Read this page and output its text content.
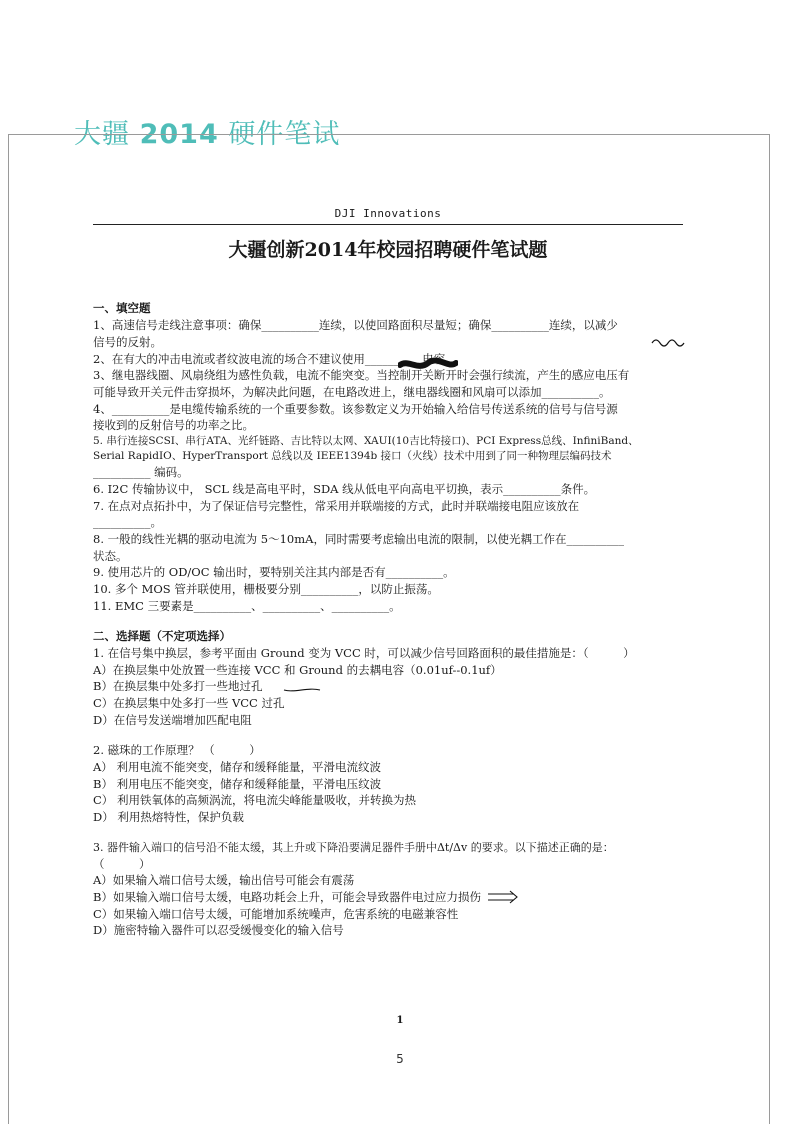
大疆 2014 硬件笔试
DJI Innovations
大疆创新2014年校园招聘硬件笔试题
一、填空题

1、高速信号走线注意事项：确保__________连续，以使回路面积尽量短；确保__________连续，以减少

信号的反射。

2、在有大的冲击电流或者纹波电流的场合不建议使用__________电容。

3、继电器线圈、风扇绕组为感性负载，电流不能突变。当控制开关断开时会强行续流，产生的感应电压有

可能导致开关元件击穿损坏，为解决此问题，在电路改进上，继电器线圈和风扇可以添加__________。

4、__________是电缆传输系统的一个重要参数。该参数定义为开始输入给信号传送系统的信号与信号源

接收到的反射信号的功率之比。

5. 串行连接SCSI、串行ATA、光纤链路、吉比特以太网、XAUI(10吉比特接口)、PCI Express总线、InfiniBand、

Serial RapidIO、HyperTransport 总线以及 IEEE1394b 接口（火线）技术中用到了同一种物理层编码技术

__________ 编码。

6. I2C 传输协议中， SCL 线是高电平时，SDA 线从低电平向高电平切换，表示__________条件。

7. 在点对点拓扑中，为了保证信号完整性，常采用并联端接的方式，此时并联端接电阻应该放在

__________。

8. 一般的线性光耦的驱动电流为 5～10mA，同时需要考虑输出电流的限制，以使光耦工作在__________

状态。

9. 使用芯片的 OD/OC 输出时，要特别关注其内部是否有__________。

10. 多个 MOS 管并联使用，栅极要分别__________，以防止振荡。

11. EMC 三要素是__________、__________、__________。

二、选择题（不定项选择）

1. 在信号集中换层，参考平面由 Ground 变为 VCC 时，可以减少信号回路面积的最佳措施是：（　　　）

A）在换层集中处放置一些连接 VCC 和 Ground 的去耦电容（0.01uf--0.1uf）

B）在换层集中处多打一些地过孔

C）在换层集中处多打一些 VCC 过孔

D）在信号发送端增加匹配电阻

2. 磁珠的工作原理？ （　　　）

A） 利用电流不能突变，储存和缓释能量，平滑电流纹波

B） 利用电压不能突变，储存和缓释能量，平滑电压纹波

C） 利用铁氧体的高频涡流，将电流尖峰能量吸收，并转换为热

D） 利用热熔特性，保护负载

3. 器件输入端口的信号沿不能太缓，其上升或下降沿要满足器件手册中Δt/Δv 的要求。以下描述正确的是：

（　　　）

A）如果输入端口信号太缓，输出信号可能会有震荡

B）如果输入端口信号太缓，电路功耗会上升，可能会导致器件电过应力损伤

C）如果输入端口信号太缓，可能增加系统噪声，危害系统的电磁兼容性

D）施密特输入器件可以忍受缓慢变化的输入信号

1
5
